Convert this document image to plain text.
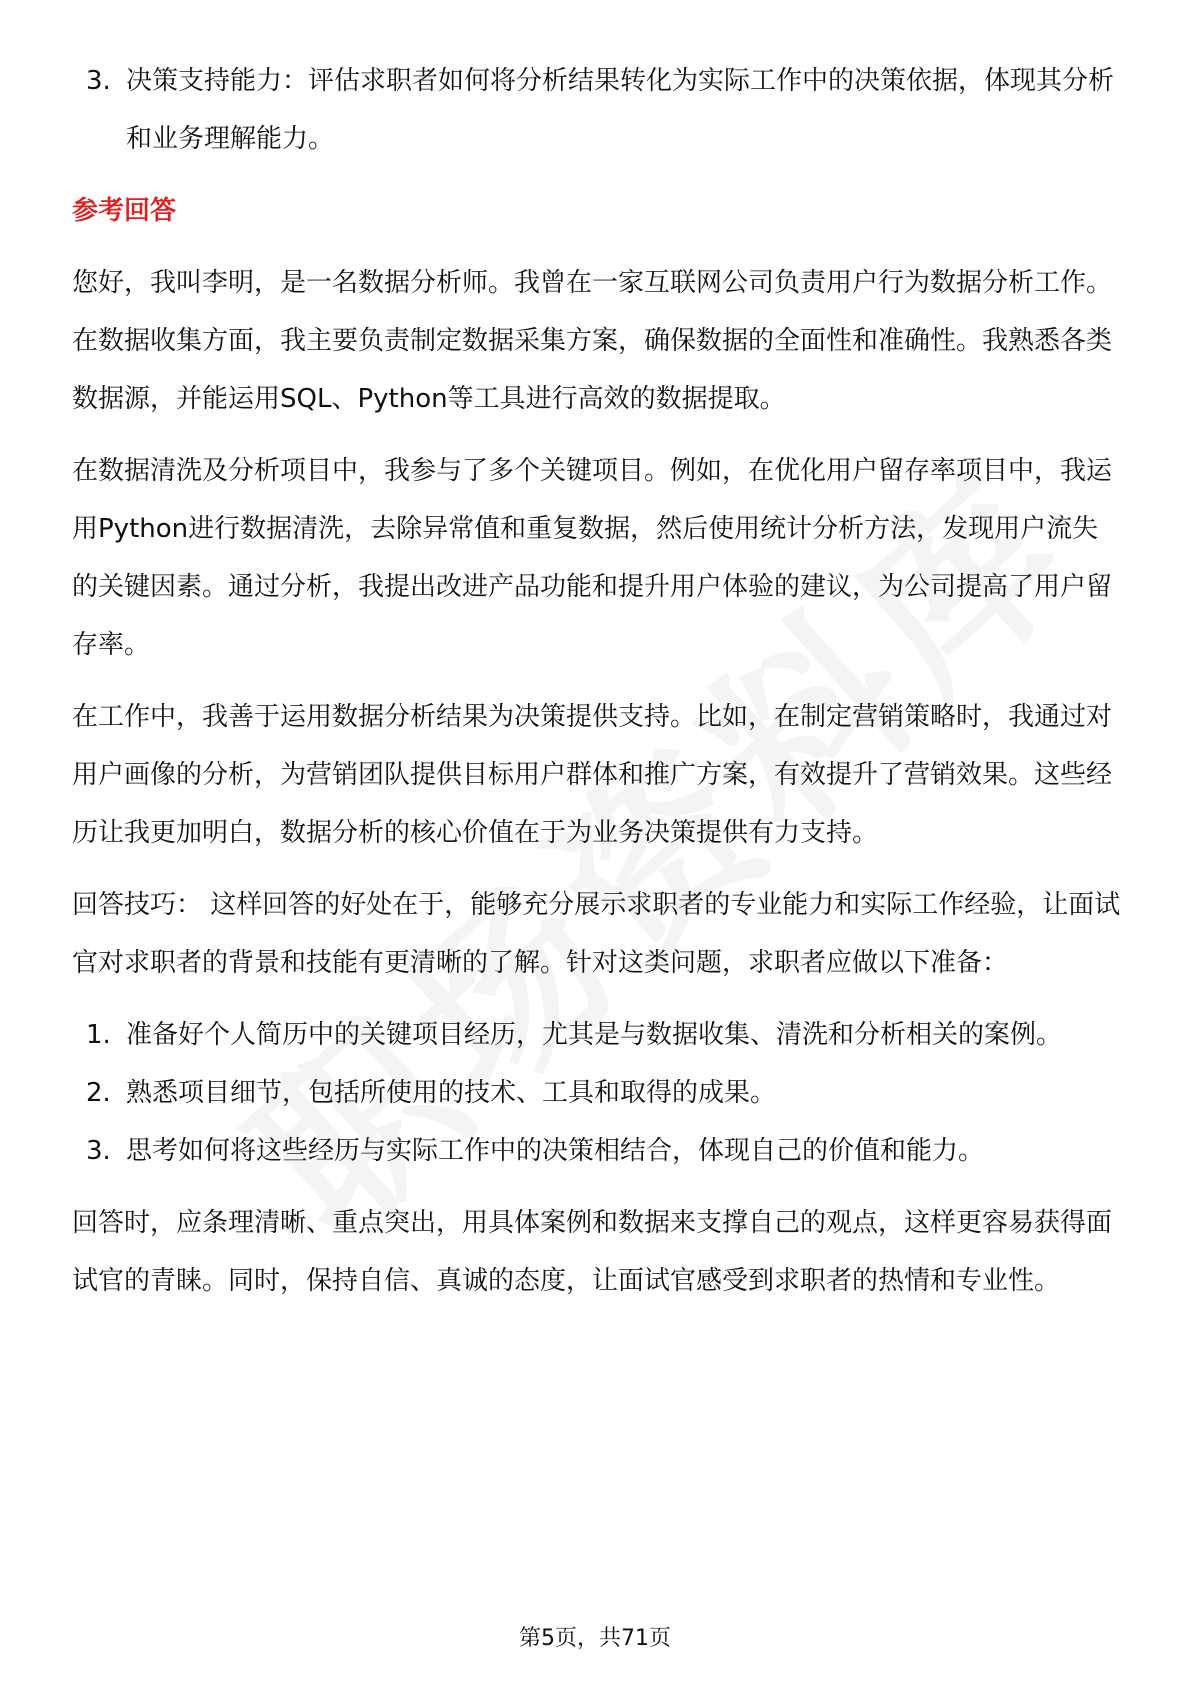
3. 决策支持能力：评估求职者如何将分析结果转化为实际工作中的决策依据，体现其分析和业务理解能力。
参考回答
您好，我叫李明，是一名数据分析师。我曾在一家互联网公司负责用户行为数据分析工作。在数据收集方面，我主要负责制定数据采集方案，确保数据的全面性和准确性。我熟悉各类数据源，并能运用SQL、Python等工具进行高效的数据提取。
在数据清洗及分析项目中，我参与了多个关键项目。例如，在优化用户留存率项目中，我运用Python进行数据清洗，去除异常值和重复数据，然后使用统计分析方法，发现用户流失的关键因素。通过分析，我提出改进产品功能和提升用户体验的建议，为公司提高了用户留存率。
在工作中，我善于运用数据分析结果为决策提供支持。比如，在制定营销策略时，我通过对用户画像的分析，为营销团队提供目标用户群体和推广方案，有效提升了营销效果。这些经历让我更加明白，数据分析的核心价值在于为业务决策提供有力支持。
回答技巧： 这样回答的好处在于，能够充分展示求职者的专业能力和实际工作经验，让面试官对求职者的背景和技能有更清晰的了解。针对这类问题，求职者应做以下准备：
1. 准备好个人简历中的关键项目经历，尤其是与数据收集、清洗和分析相关的案例。
2. 熟悉项目细节，包括所使用的技术、工具和取得的成果。
3. 思考如何将这些经历与实际工作中的决策相结合，体现自己的价值和能力。
回答时，应条理清晰、重点突出，用具体案例和数据来支撑自己的观点，这样更容易获得面试官的青睐。同时，保持自信、真诚的态度，让面试官感受到求职者的热情和专业性。
第5页，共71页
